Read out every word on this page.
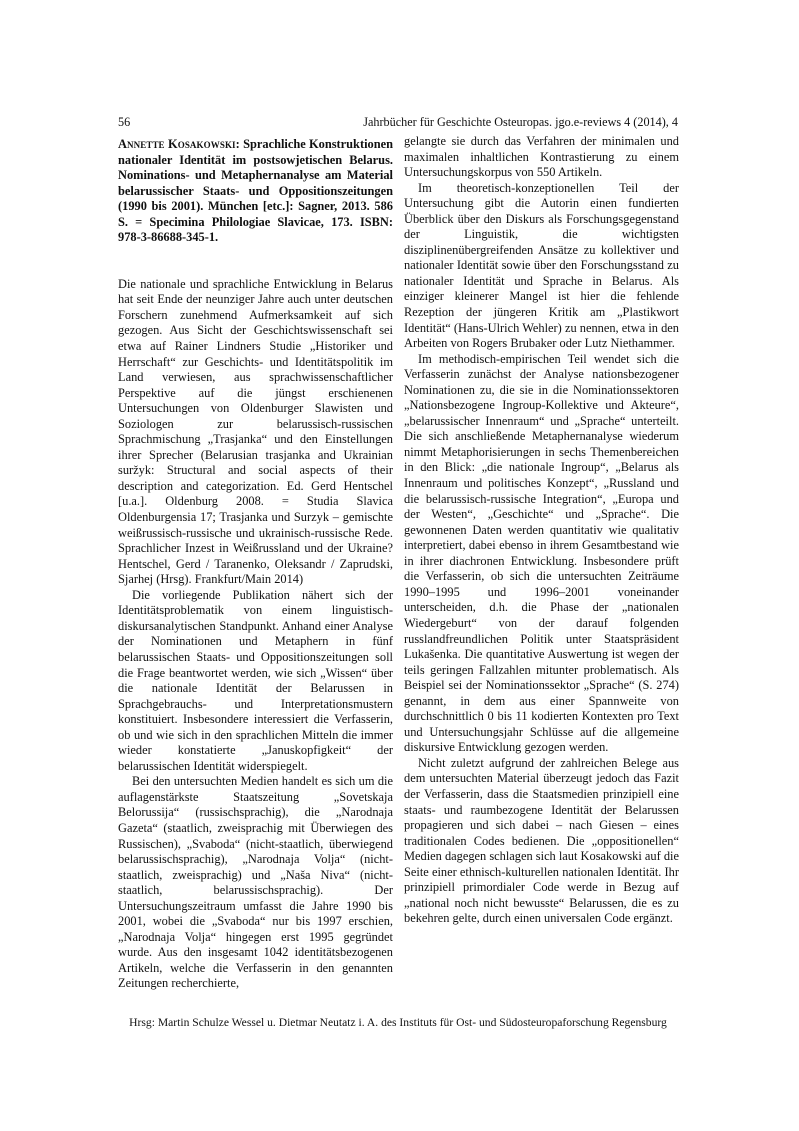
56	Jahrbücher für Geschichte Osteuropas. jgo.e-reviews 4 (2014), 4

Annette Kosakowski: Sprachliche Konstruktionen nationaler Identität im postsowjetischen Belarus. Nominations- und Metaphernanalyse am Material belarussischer Staats- und Oppositionszeitungen (1990 bis 2001). München [etc.]: Sagner, 2013. 586 S. = Specimina Philologiae Slavicae, 173. ISBN: 978-3-86688-345-1.

Die nationale und sprachliche Entwicklung in Belarus hat seit Ende der neunziger Jahre auch unter deutschen Forschern zunehmend Aufmerksamkeit auf sich gezogen. Aus Sicht der Geschichtswissenschaft sei etwa auf Rainer Lindners Studie „Historiker und Herrschaft“ zur Geschichts- und Identitätspolitik im Land verwiesen, aus sprachwissenschaftlicher Perspektive auf die jüngst erschienenen Untersuchungen von Oldenburger Slawisten und Soziologen zur belarussisch-russischen Sprachmischung „Trasjanka“ und den Einstellungen ihrer Sprecher (Belarusian trasjanka and Ukrainian suržyk: Structural and social aspects of their description and categorization. Ed. Gerd Hentschel [u.a.]. Oldenburg 2008. = Studia Slavica Oldenburgensia 17; Trasjanka und Surzyk – gemischte weißrussisch-russische und ukrainisch-russische Rede. Sprachlicher Inzest in Weißrussland und der Ukraine? Hentschel, Gerd / Taranenko, Oleksandr / Zaprudski, Sjarhej (Hrsg). Frankfurt/Main 2014)

Die vorliegende Publikation nähert sich der Identitätsproblematik von einem linguistisch-diskursanalytischen Standpunkt. Anhand einer Analyse der Nominationen und Metaphern in fünf belarussischen Staats- und Oppositionszeitungen soll die Frage beantwortet werden, wie sich „Wissen“ über die nationale Identität der Belarussen in Sprachgebrauchs- und Interpretationsmustern konstituiert. Insbesondere interessiert die Verfasserin, ob und wie sich in den sprachlichen Mitteln die immer wieder konstatierte „Januskopfigkeit“ der belarussischen Identität widerspiegelt.

Bei den untersuchten Medien handelt es sich um die auflagenstärkste Staatszeitung „Sovetskaja Belorussija“ (russischsprachig), die „Narodnaja Gazeta“ (staatlich, zweisprachig mit Überwiegen des Russischen), „Svaboda“ (nicht-staatlich, überwiegend belarussischsprachig), „Narodnaja Volja“ (nicht-staatlich, zweisprachig) und „Naša Niva“ (nicht-staatlich, belarussischsprachig). Der Untersuchungszeitraum umfasst die Jahre 1990 bis 2001, wobei die „Svaboda“ nur bis 1997 erschien, „Narodnaja Volja“ hingegen erst 1995 gegründet wurde. Aus den insgesamt 1042 identitätsbezogenen Artikeln, welche die Verfasserin in den genannten Zeitungen recherchierte,

gelangte sie durch das Verfahren der minimalen und maximalen inhaltlichen Kontrastierung zu einem Untersuchungskorpus von 550 Artikeln.

Im theoretisch-konzeptionellen Teil der Untersuchung gibt die Autorin einen fundierten Überblick über den Diskurs als Forschungsgegenstand der Linguistik, die wichtigsten disziplinenübergreifenden Ansätze zu kollektiver und nationaler Identität sowie über den Forschungsstand zu nationaler Identität und Sprache in Belarus. Als einziger kleinerer Mangel ist hier die fehlende Rezeption der jüngeren Kritik am „Plastikwort Identität“ (Hans-Ulrich Wehler) zu nennen, etwa in den Arbeiten von Rogers Brubaker oder Lutz Niethammer.

Im methodisch-empirischen Teil wendet sich die Verfasserin zunächst der Analyse nationsbezogener Nominationen zu, die sie in die Nominationssektoren „Nationsbezogene Ingroup-Kollektive und Akteure“, „belarussischer Innenraum“ und „Sprache“ unterteilt. Die sich anschließende Metaphernanalyse wiederum nimmt Metaphorisierungen in sechs Themenbereichen in den Blick: „die nationale Ingroup“, „Belarus als Innenraum und politisches Konzept“, „Russland und die belarussisch-russische Integration“, „Europa und der Westen“, „Geschichte“ und „Sprache“. Die gewonnenen Daten werden quantitativ wie qualitativ interpretiert, dabei ebenso in ihrem Gesamtbestand wie in ihrer diachronen Entwicklung. Insbesondere prüft die Verfasserin, ob sich die untersuchten Zeiträume 1990–1995 und 1996–2001 voneinander unterscheiden, d.h. die Phase der „nationalen Wiedergeburt“ von der darauf folgenden russlandfreundlichen Politik unter Staatspräsident Lukašenka. Die quantitative Auswertung ist wegen der teils geringen Fallzahlen mitunter problematisch. Als Beispiel sei der Nominationssektor „Sprache“ (S. 274) genannt, in dem aus einer Spannweite von durchschnittlich 0 bis 11 kodierten Kontexten pro Text und Untersuchungsjahr Schlüsse auf die allgemeine diskursive Entwicklung gezogen werden.

Nicht zuletzt aufgrund der zahlreichen Belege aus dem untersuchten Material überzeugt jedoch das Fazit der Verfasserin, dass die Staatsmedien prinzipiell eine staats- und raumbezogene Identität der Belarussen propagieren und sich dabei – nach Giesen – eines traditionalen Codes bedienen. Die „oppositionellen“ Medien dagegen schlagen sich laut Kosakowski auf die Seite einer ethnisch-kulturellen nationalen Identität. Ihr prinzipiell primordialer Code werde in Bezug auf „national noch nicht bewusste“ Belarussen, die es zu bekehren gelte, durch einen universalen Code ergänzt.

Hrsg: Martin Schulze Wessel u. Dietmar Neutatz i. A. des Instituts für Ost- und Südosteuropaforschung Regensburg
